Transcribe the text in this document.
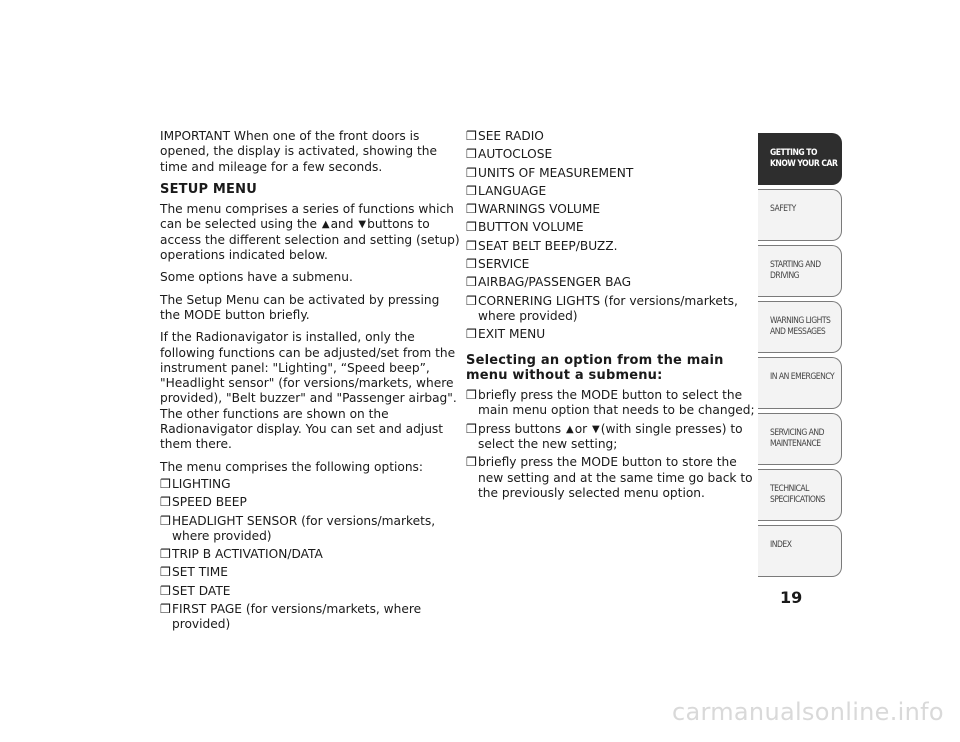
IMPORTANT When one of the front doors is opened, the display is activated, showing the time and mileage for a few seconds.

SETUP MENU

The menu comprises a series of functions which can be selected using the ▲and ▼buttons to access the different selection and setting (setup) operations indicated below.

Some options have a submenu.

The Setup Menu can be activated by pressing the MODE button briefly.

If the Radionavigator is installed, only the following functions can be adjusted/set from the instrument panel: "Lighting", “Speed beep”, "Headlight sensor" (for versions/markets, where provided), "Belt buzzer" and "Passenger airbag". The other functions are shown on the Radionavigator display. You can set and adjust them there.

The menu comprises the following options:

❒ LIGHTING
❒ SPEED BEEP
❒ HEADLIGHT SENSOR (for versions/markets, where provided)
❒ TRIP B ACTIVATION/DATA
❒ SET TIME
❒ SET DATE
❒ FIRST PAGE (for versions/markets, where provided)
❒ SEE RADIO
❒ AUTOCLOSE
❒ UNITS OF MEASUREMENT
❒ LANGUAGE
❒ WARNINGS VOLUME
❒ BUTTON VOLUME
❒ SEAT BELT BEEP/BUZZ.
❒ SERVICE
❒ AIRBAG/PASSENGER BAG
❒ CORNERING LIGHTS (for versions/markets, where provided)
❒ EXIT MENU

Selecting an option from the main menu without a submenu:

❒ briefly press the MODE button to select the main menu option that needs to be changed;
❒ press buttons ▲or ▼(with single presses) to select the new setting;
❒ briefly press the MODE button to store the new setting and at the same time go back to the previously selected menu option.
GETTING TO
KNOW YOUR CAR
SAFETY
STARTING AND
DRIVING
WARNING LIGHTS
AND MESSAGES
IN AN EMERGENCY
SERVICING AND
MAINTENANCE
TECHNICAL
SPECIFICATIONS
INDEX
19
carmanualsonline.info
